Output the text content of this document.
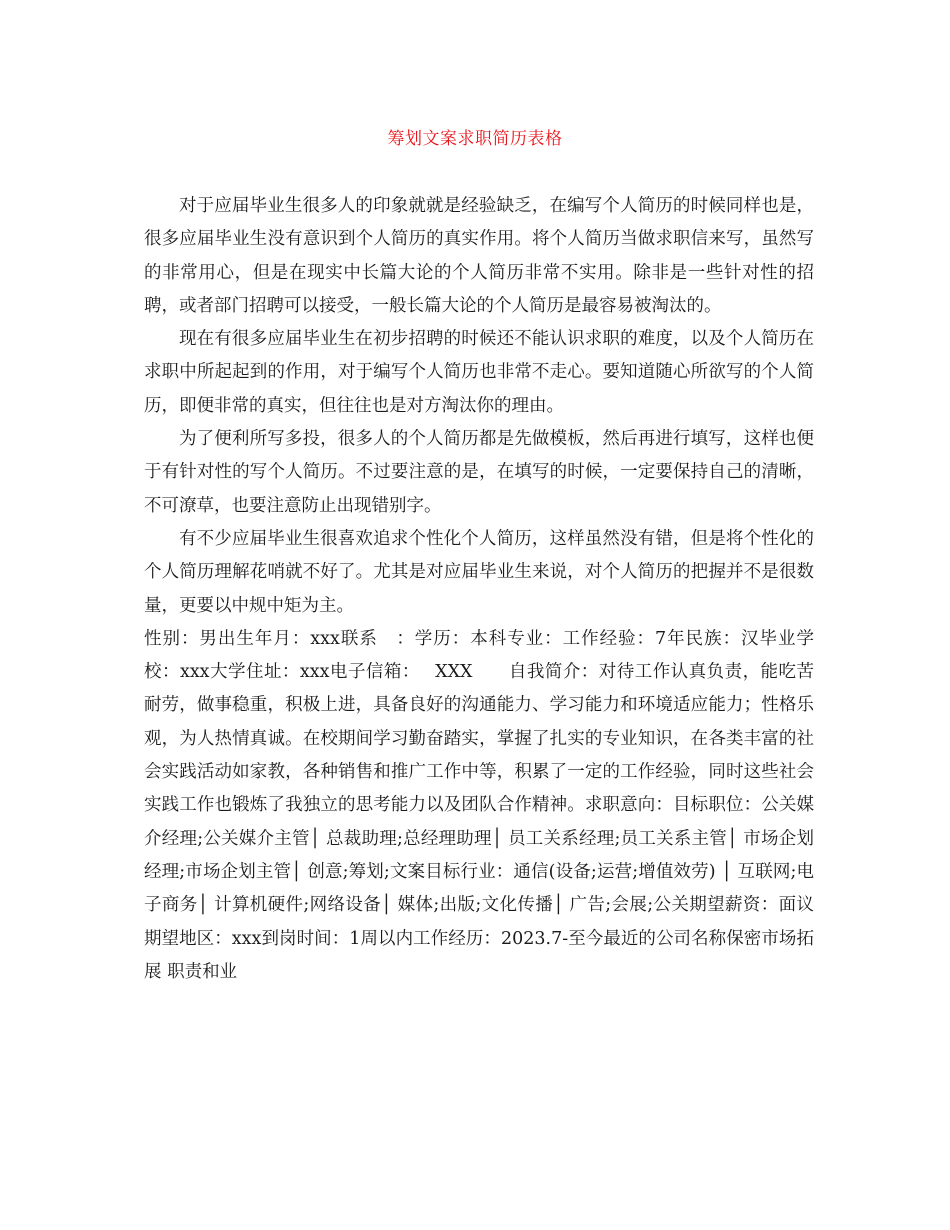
筹划文案求职简历表格

对于应届毕业生很多人的印象就就是经验缺乏，在编写个人简历的时候同样也是，很多应届毕业生没有意识到个人简历的真实作用。将个人简历当做求职信来写，虽然写的非常用心，但是在现实中长篇大论的个人简历非常不实用。除非是一些针对性的招聘，或者部门招聘可以接受，一般长篇大论的个人简历是最容易被淘汰的。

现在有很多应届毕业生在初步招聘的时候还不能认识求职的难度，以及个人简历在求职中所起起到的作用，对于编写个人简历也非常不走心。要知道随心所欲写的个人简历，即便非常的真实，但往往也是对方淘汰你的理由。

为了便利所写多投，很多人的个人简历都是先做模板，然后再进行填写，这样也便于有针对性的写个人简历。不过要注意的是，在填写的时候，一定要保持自己的清晰，不可潦草，也要注意防止出现错别字。

有不少应届毕业生很喜欢追求个性化个人简历，这样虽然没有错，但是将个性化的个人简历理解花哨就不好了。尤其是对应届毕业生来说，对个人简历的把握并不是很数量，更要以中规中矩为主。

性别：男出生年月：xxx联系　：学历：本科专业：工作经验：7年民族：汉毕业学校：xxx大学住址：xxx电子信箱：　 XXX　　自我简介：对待工作认真负责，能吃苦耐劳，做事稳重，积极上进，具备良好的沟通能力、学习能力和环境适应能力；性格乐观，为人热情真诚。在校期间学习勤奋踏实，掌握了扎实的专业知识，在各类丰富的社会实践活动如家教，各种销售和推广工作中等，积累了一定的工作经验，同时这些社会实践工作也锻炼了我独立的思考能力以及团队合作精神。求职意向：目标职位：公关媒介经理;公关媒介主管│ 总裁助理;总经理助理│ 员工关系经理;员工关系主管│ 市场企划经理;市场企划主管│ 创意;筹划;文案目标行业：通信(设备;运营;增值效劳) │ 互联网;电子商务│ 计算机硬件;网络设备│ 媒体;出版;文化传播│ 广告;会展;公关期望薪资：面议期望地区：xxx到岗时间：1周以内工作经历：2023.7-至今最近的公司名称保密市场拓展 职责和业
